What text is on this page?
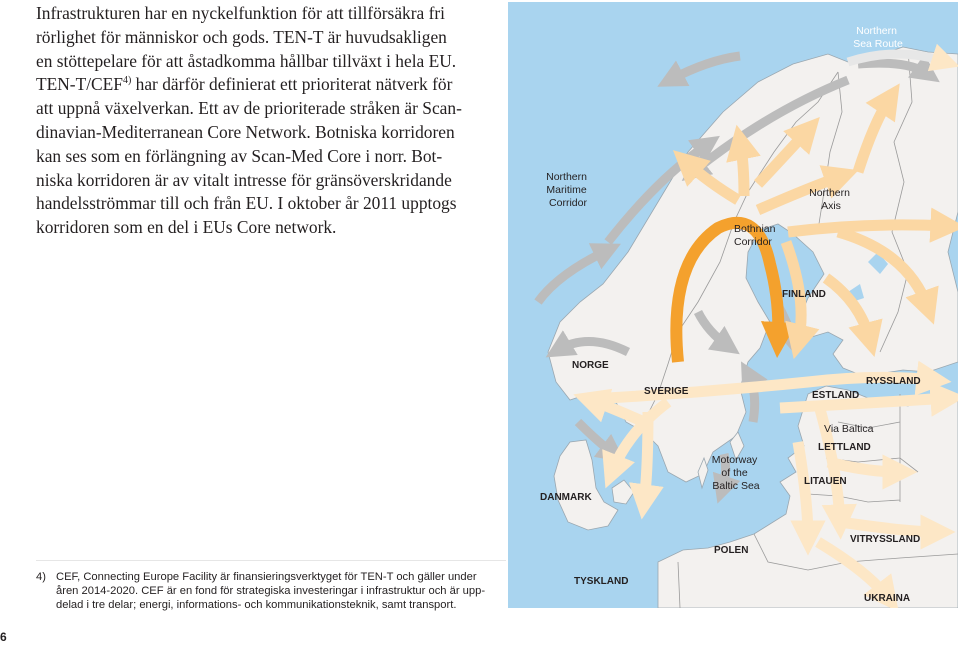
Infrastrukturen har en nyckelfunktion för att tillförsäkra fri

rörlighet för människor och gods. TEN-T är huvudsakligen

en stöttepelare för att åstadkomma hållbar tillväxt i hela EU.

TEN-T/CEF$^{4)}$ har därför definierat ett prioriterat nätverk för

att uppnå växelverkan. Ett av de prioriterade stråken är Scan-

dinavian-Mediterranean Core Network. Botniska korridoren

kan ses som en förlängning av Scan-Med Core i norr. Bot-

niska korridoren är av vitalt intresse för gränsöverskridande

handelsströmmar till och från EU. I oktober år 2011 upptogs

korridoren som en del i EUs Core network.

Northern Sea Route
Northern Maritime Corridor
Northern Axis
Bothnian Corridor
Motorway of the Baltic Sea
Via Baltica
FINLAND
NORGE
SVERIGE
RYSSLAND
ESTLAND
LETTLAND
LITAUEN
DANMARK
POLEN
VITRYSSLAND
TYSKLAND
UKRAINA
4) CEF, Connecting Europe Facility är finansieringsverktyget för TEN-T och gäller under
åren 2014-2020. CEF är en fond för strategiska investeringar i infrastruktur och är upp-
delad i tre delar; energi, informations- och kommunikationsteknik, samt transport.
6
